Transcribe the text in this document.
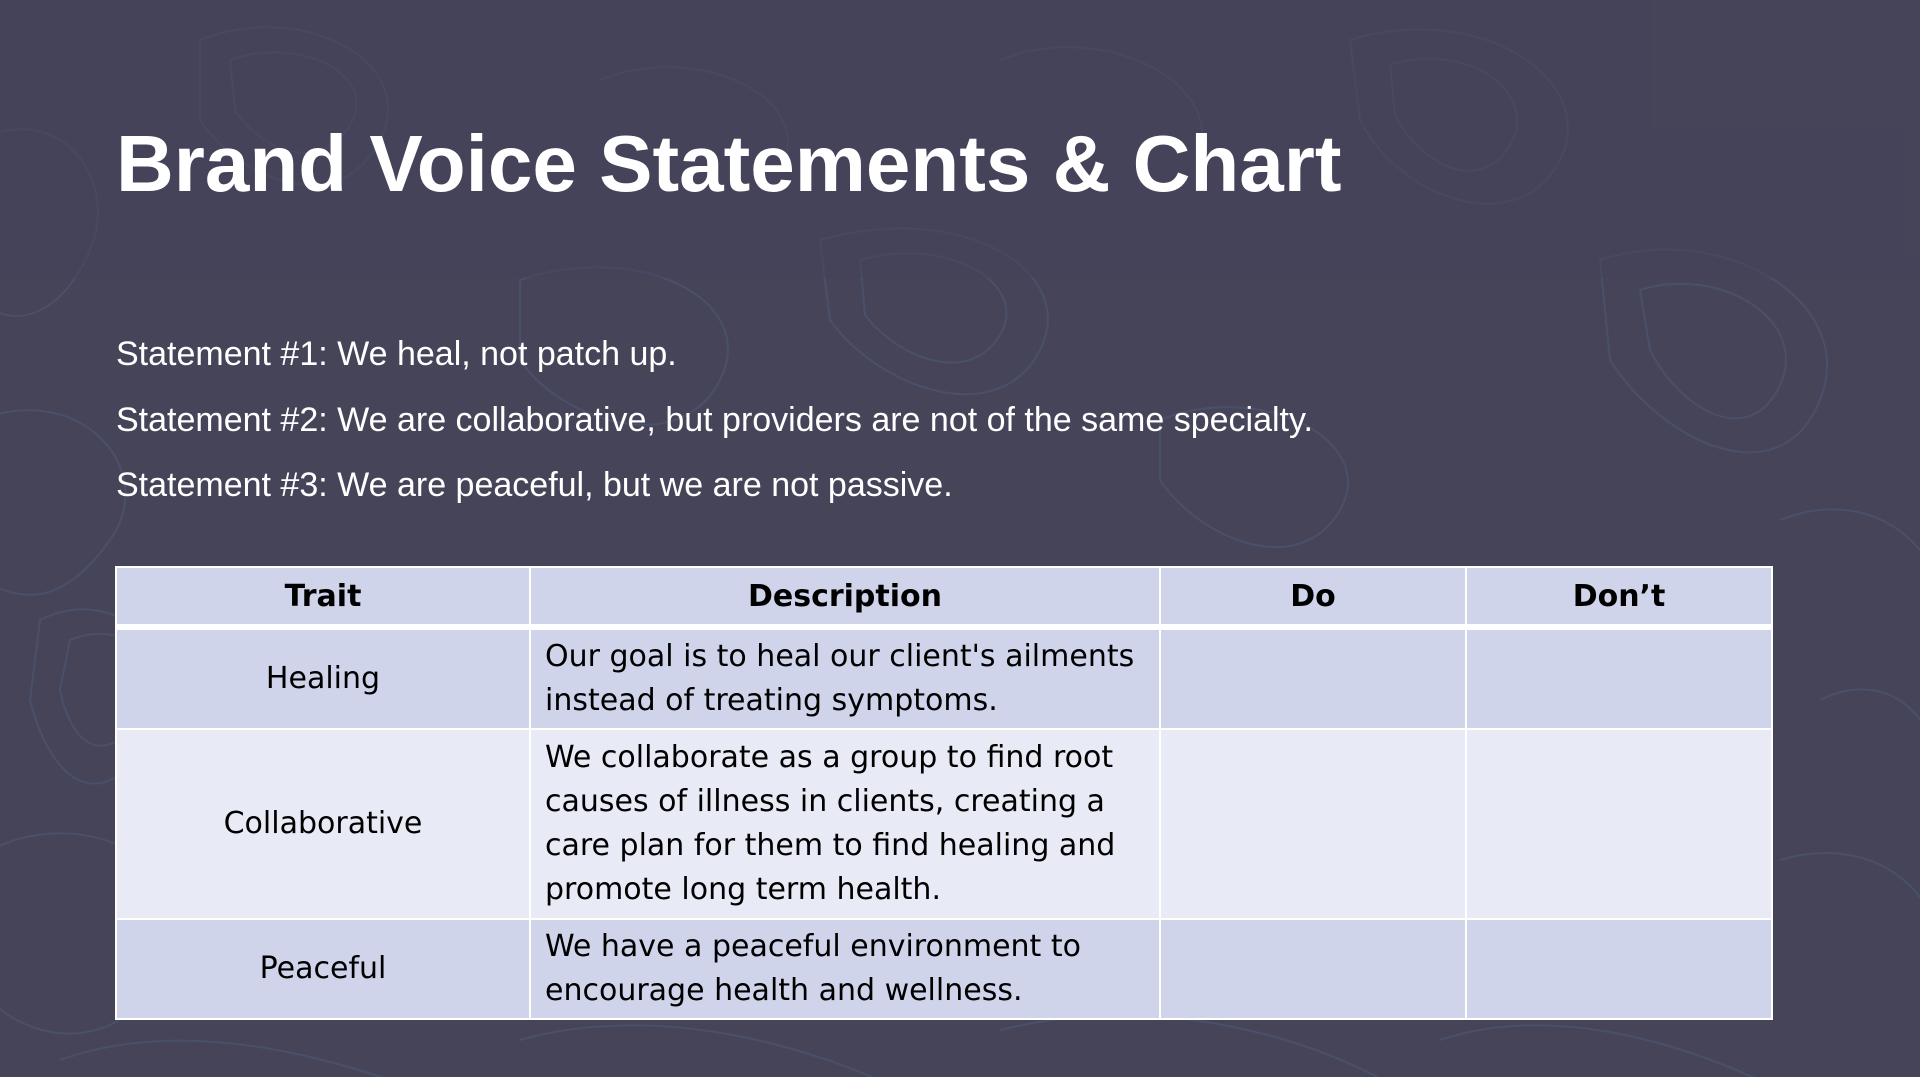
Brand Voice Statements & Chart
Statement #1: We heal, not patch up.
Statement #2: We are collaborative, but providers are not of the same specialty.
Statement #3: We are peaceful, but we are not passive.
Trait	Description	Do	Don’t
Healing	Our goal is to heal our client's ailments instead of treating symptoms.		
Collaborative	We collaborate as a group to find root causes of illness in clients, creating a care plan for them to find healing and promote long term health.		
Peaceful	We have a peaceful environment to encourage health and wellness.		
